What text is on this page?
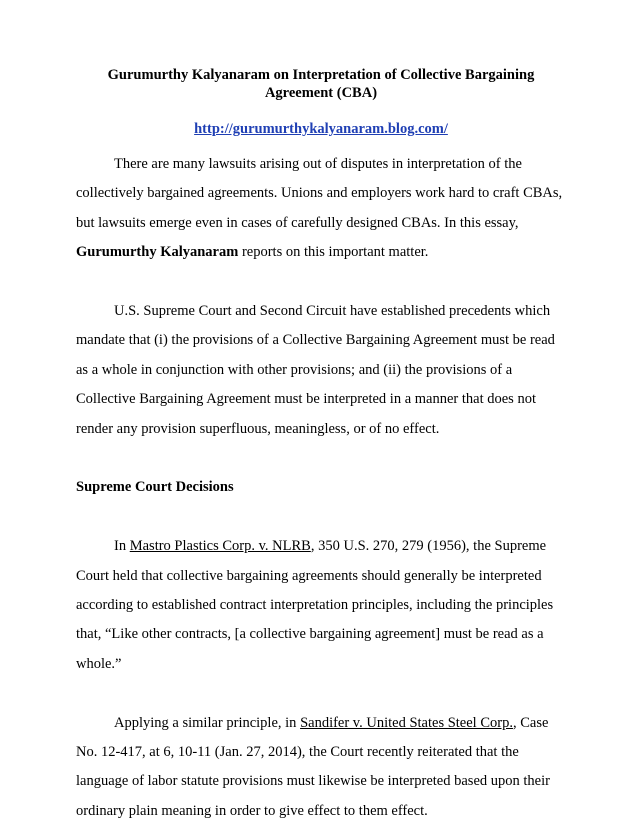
Gurumurthy Kalyanaram on Interpretation of Collective Bargaining Agreement (CBA)
http://gurumurthykalyanaram.blog.com/

There are many lawsuits arising out of disputes in interpretation of the collectively bargained agreements. Unions and employers work hard to craft CBAs, but lawsuits emerge even in cases of carefully designed CBAs. In this essay, Gurumurthy Kalyanaram reports on this important matter.

U.S. Supreme Court and Second Circuit have established precedents which mandate that (i) the provisions of a Collective Bargaining Agreement must be read as a whole in conjunction with other provisions; and (ii) the provisions of a Collective Bargaining Agreement must be interpreted in a manner that does not render any provision superfluous, meaningless, or of no effect.

Supreme Court Decisions

In Mastro Plastics Corp. v. NLRB, 350 U.S. 270, 279 (1956), the Supreme Court held that collective bargaining agreements should generally be interpreted according to established contract interpretation principles, including the principles that, “Like other contracts, [a collective bargaining agreement] must be read as a whole.”

Applying a similar principle, in Sandifer v. United States Steel Corp., Case No. 12-417, at 6, 10-11 (Jan. 27, 2014), the Court recently reiterated that the language of labor statute provisions must likewise be interpreted based upon their ordinary plain meaning in order to give effect to them effect.
